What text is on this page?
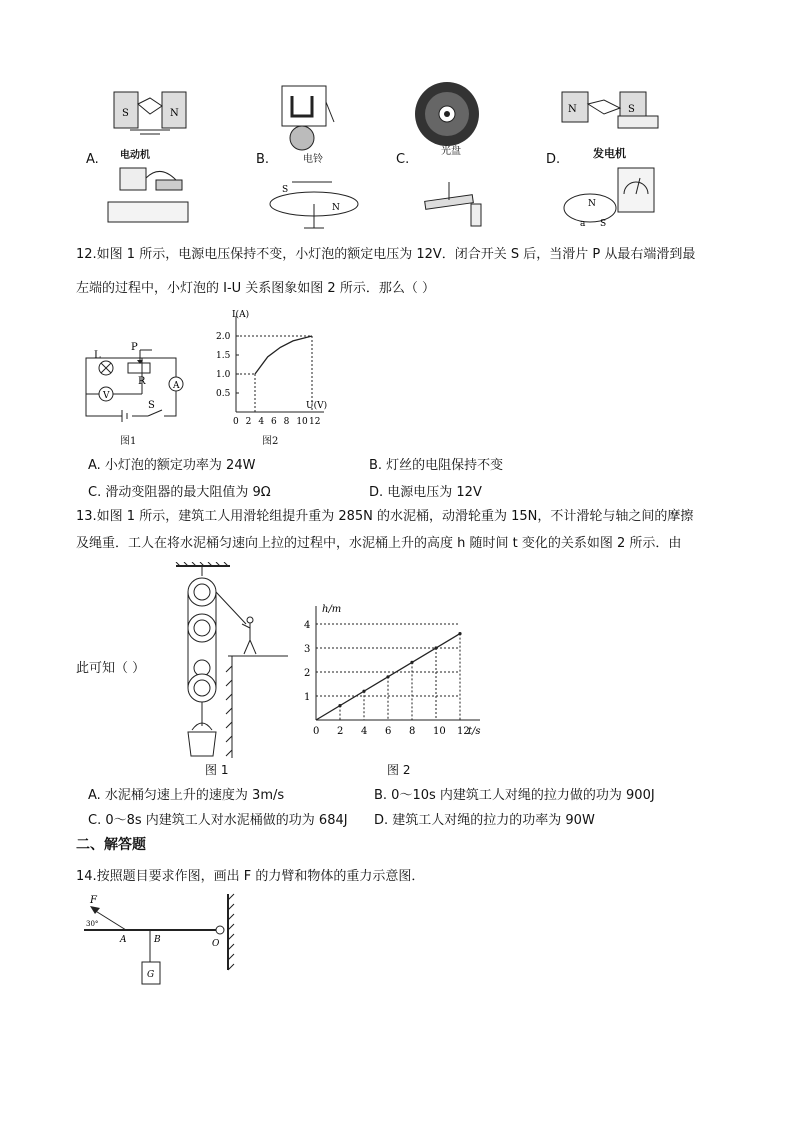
S	N
S
N
N	S
N
a S
A. 电动机	B.	电铃	C.
光盘
D.	发电机
12.如图 1 所示，电源电压保持不变，小灯泡的额定电压为 12V．闭合开关 S 后，当滑片 P 从最右端滑到最
左端的过程中，小灯泡的 I-U 关系图象如图 2 所示．那么（ ）
L
P
R	A
V
S
图1
I(A)
U(V)
0 2 4 6 8 10 12
0.5
1.0
1.5
2.0
图2
A. 小灯泡的额定功率为 24W	B. 灯丝的电阻保持不变
C. 滑动变阻器的最大阻值为 9Ω	D. 电源电压为 12V
13.如图 1 所示，建筑工人用滑轮组提升重为 285N 的水泥桶，动滑轮重为 15N，不计滑轮与轴之间的摩擦
及绳重．工人在将水泥桶匀速向上拉的过程中，水泥桶上升的高度 h 随时间 t 变化的关系如图 2 所示．由
此可知（ ）
图 1
h/m
t/s
0 2 4 6 8 10 12
1
2
3
4
图 2
A. 水泥桶匀速上升的速度为 3m/s	B. 0～10s 内建筑工人对绳的拉力做的功为 900J
C. 0～8s 内建筑工人对水泥桶做的功为 684J D. 建筑工人对绳的拉力的功率为 90W
二、解答题
14.按照题目要求作图，画出 F 的力臂和物体的重力示意图．
F
30°
A	B	O
G
